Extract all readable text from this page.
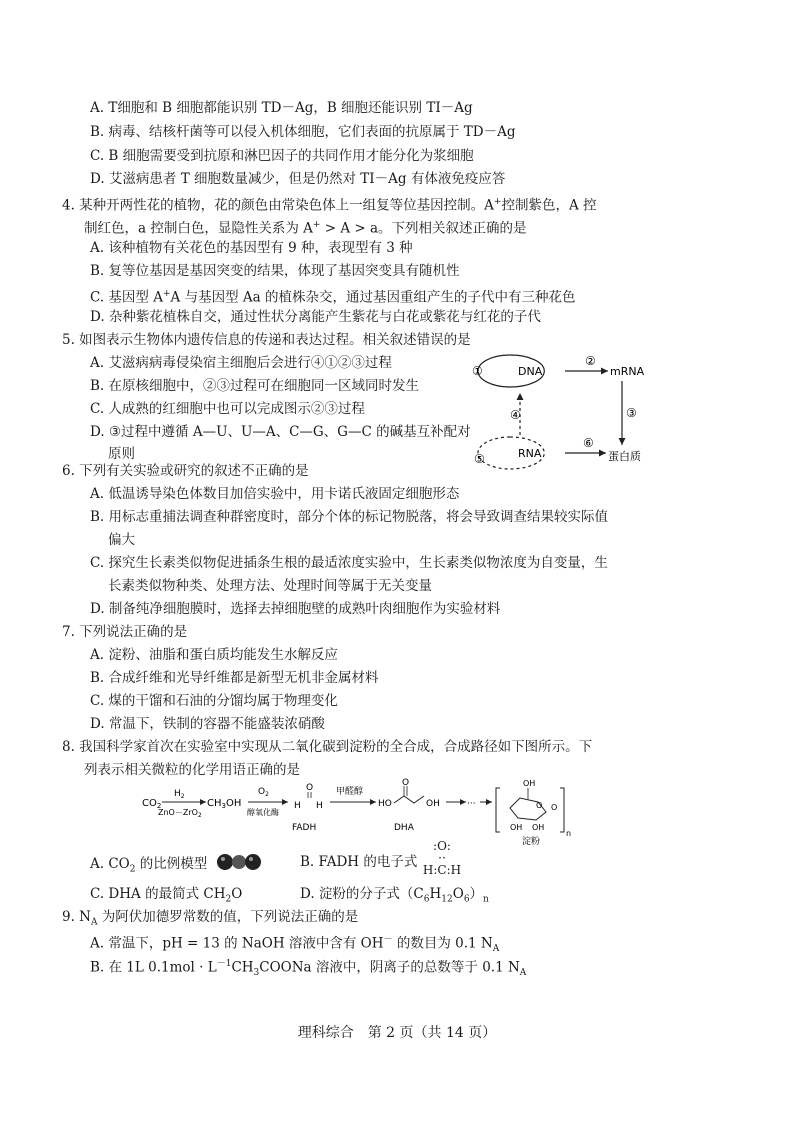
A. T细胞和 B 细胞都能识别 TD－Ag，B 细胞还能识别 TI－Ag
B. 病毒、结核杆菌等可以侵入机体细胞，它们表面的抗原属于 TD－Ag
C. B 细胞需要受到抗原和淋巴因子的共同作用才能分化为浆细胞
D. 艾滋病患者 T 细胞数量减少，但是仍然对 TI－Ag 有体液免疫应答
4. 某种开两性花的植物，花的颜色由常染色体上一组复等位基因控制。A+控制紫色，A 控
制红色，a 控制白色，显隐性关系为 A+ > A > a。下列相关叙述正确的是
A. 该种植物有关花色的基因型有 9 种，表现型有 3 种
B. 复等位基因是基因突变的结果，体现了基因突变具有随机性
C. 基因型 A+A 与基因型 Aa 的植株杂交，通过基因重组产生的子代中有三种花色
D. 杂种紫花植株自交，通过性状分离能产生紫花与白花或紫花与红花的子代
5. 如图表示生物体内遗传信息的传递和表达过程。相关叙述错误的是
A. 艾滋病病毒侵染宿主细胞后会进行④①②③过程
B. 在原核细胞中，②③过程可在细胞同一区域同时发生
C. 人成熟的红细胞中也可以完成图示②③过程
D. ③过程中遵循 A—U、U—A、C—G、G—C 的碱基互补配对
原则
DNA
①
②
mRNA
③
④
RNA
⑤
⑥
蛋白质
6. 下列有关实验或研究的叙述不正确的是
A. 低温诱导染色体数目加倍实验中，用卡诺氏液固定细胞形态
B. 用标志重捕法调查种群密度时，部分个体的标记物脱落，将会导致调查结果较实际值
偏大
C. 探究生长素类似物促进插条生根的最适浓度实验中，生长素类似物浓度为自变量，生
长素类似物种类、处理方法、处理时间等属于无关变量
D. 制备纯净细胞膜时，选择去掉细胞壁的成熟叶肉细胞作为实验材料
7. 下列说法正确的是
A. 淀粉、油脂和蛋白质均能发生水解反应
B. 合成纤维和光导纤维都是新型无机非金属材料
C. 煤的干馏和石油的分馏均属于物理变化
D. 常温下，铁制的容器不能盛装浓硝酸
8. 我国科学家首次在实验室中实现从二氧化碳到淀粉的全合成，合成路径如下图所示。下
列表示相关微粒的化学用语正确的是
$CO_2$
$H_2$
ZnO－ZrO$_2$
$CH_3OH$
$O_2$
醇氧化酶
O
H H
FADH
甲醛醇
HO
O
OH
DHA
···
OH
O
OH OH
O
n
淀粉
A. $CO_2$ 的比例模型	B. FADH 的电子式
:O:
··
H:C:H
C. DHA 的最简式 $CH_2O$	D. 淀粉的分子式$(C_6H_{12}O_6)_n$
9. $N_A$ 为阿伏加德罗常数的值，下列说法正确的是
A. 常温下，pH = 13 的 NaOH 溶液中含有 OH－ 的数目为 0.1 $N_A$
B. 在 1L $0.1mol \cdot L^{-1}CH_3COONa$ 溶液中，阴离子的总数等于 0.1 $N_A$
理科综合　第 2 页（共 14 页）
